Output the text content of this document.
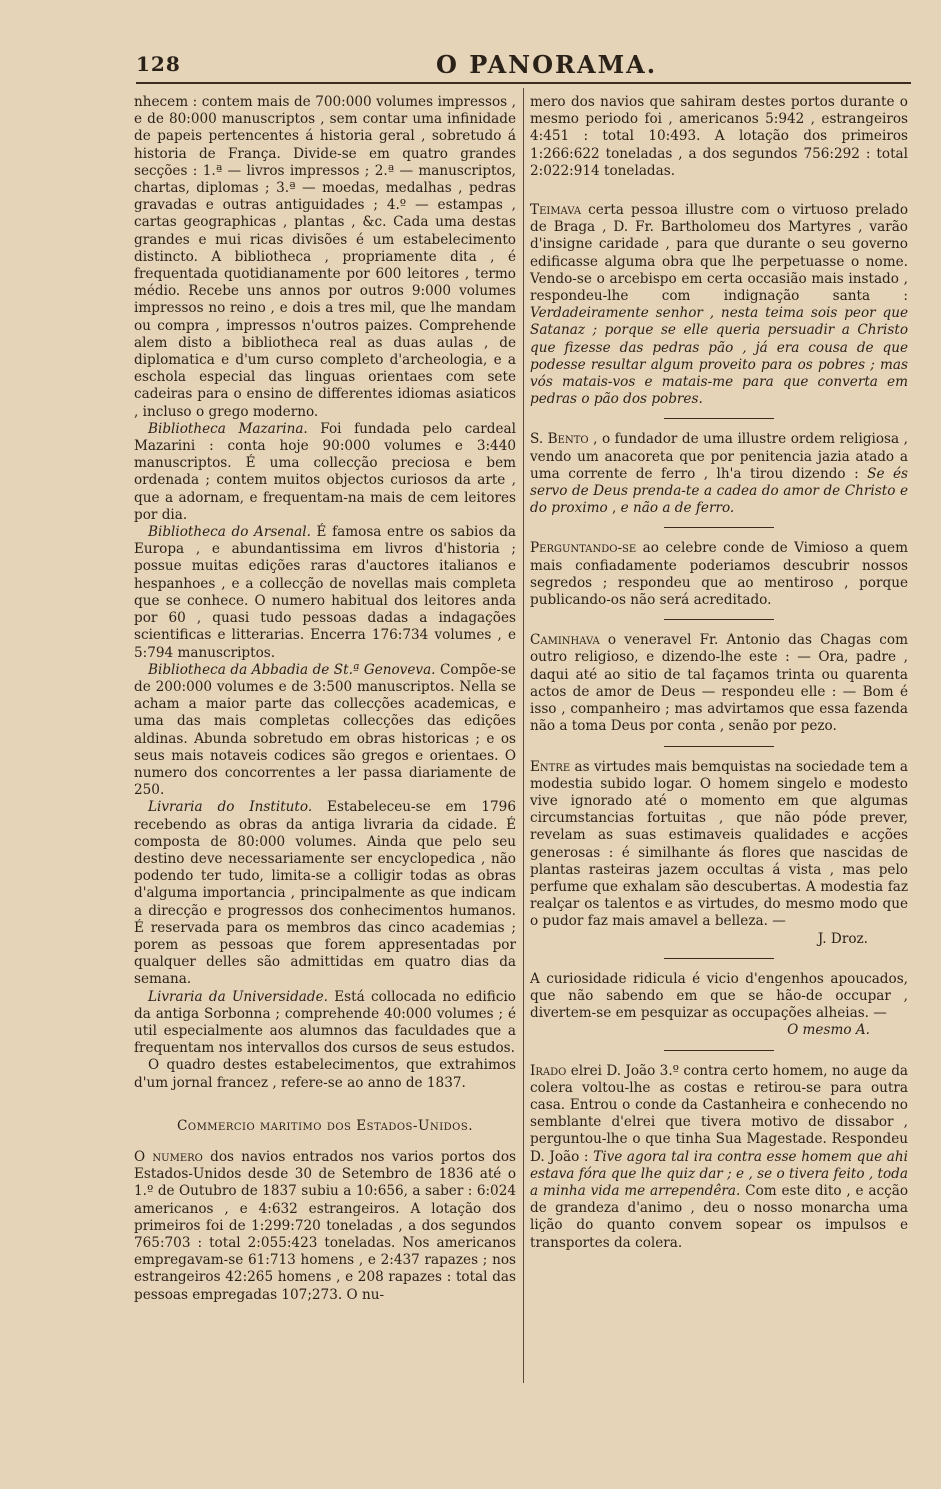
128	O PANORAMA.

nhecem : contem mais de 700:000 volumes impressos , e de 80:000 manuscriptos , sem contar uma infinidade de papeis pertencentes á historia geral , sobretudo á historia de França. Divide-se em quatro grandes secções : 1.ª — livros impressos ; 2.ª — manuscriptos, chartas, diplomas ; 3.ª — moedas, medalhas , pedras gravadas e outras antiguidades ; 4.º — estampas , cartas geographicas , plantas , &c. Cada uma destas grandes e mui ricas divisões é um estabelecimento distincto. A bibliotheca , propriamente dita , é frequentada quotidianamente por 600 leitores , termo médio. Recebe uns annos por outros 9:000 volumes impressos no reino , e dois a tres mil, que lhe mandam ou compra , impressos n'outros paizes. Comprehende alem disto a bibliotheca real as duas aulas , de diplomatica e d'um curso completo d'archeologia, e a eschola especial das linguas orientaes com sete cadeiras para o ensino de differentes idiomas asiaticos , incluso o grego moderno.

Bibliotheca Mazarina. Foi fundada pelo cardeal Mazarini : conta hoje 90:000 volumes e 3:440 manuscriptos. É uma collecção preciosa e bem ordenada ; contem muitos objectos curiosos da arte , que a adornam, e frequentam-na mais de cem leitores por dia.

Bibliotheca do Arsenal. É famosa entre os sabios da Europa , e abundantissima em livros d'historia ; possue muitas edições raras d'auctores italianos e hespanhoes , e a collecção de novellas mais completa que se conhece. O numero habitual dos leitores anda por 60 , quasi tudo pessoas dadas a indagações scientificas e litterarias. Encerra 176:734 volumes , e 5:794 manuscriptos.

Bibliotheca da Abbadia de St.ª Genoveva. Compõe-se de 200:000 volumes e de 3:500 manuscriptos. Nella se acham a maior parte das collecções academicas, e uma das mais completas collecções das edições aldinas. Abunda sobretudo em obras historicas ; e os seus mais notaveis codices são gregos e orientaes. O numero dos concorrentes a ler passa diariamente de 250.

Livraria do Instituto. Estabeleceu-se em 1796 recebendo as obras da antiga livraria da cidade. É composta de 80:000 volumes. Ainda que pelo seu destino deve necessariamente ser encyclopedica , não podendo ter tudo, limita-se a colligir todas as obras d'alguma importancia , principalmente as que indicam a direcção e progressos dos conhecimentos humanos. É reservada para os membros das cinco academias ; porem as pessoas que forem appresentadas por qualquer delles são admittidas em quatro dias da semana.

Livraria da Universidade. Está collocada no edificio da antiga Sorbonna ; comprehende 40:000 volumes ; é util especialmente aos alumnos das faculdades que a frequentam nos intervallos dos cursos de seus estudos.

O quadro destes estabelecimentos, que extrahimos d'um jornal francez , refere-se ao anno de 1837.

Commercio maritimo dos Estados-Unidos.

O numero dos navios entrados nos varios portos dos Estados-Unidos desde 30 de Setembro de 1836 até o 1.º de Outubro de 1837 subiu a 10:656, a saber : 6:024 americanos , e 4:632 estrangeiros. A lotação dos primeiros foi de 1:299:720 toneladas , a dos segundos 765:703 : total 2:055:423 toneladas. Nos americanos empregavam-se 61:713 homens , e 2:437 rapazes ; nos estrangeiros 42:265 homens , e 208 rapazes : total das pessoas empregadas 107;273. O nu-

mero dos navios que sahiram destes portos durante o mesmo periodo foi , americanos 5:942 , estrangeiros 4:451 : total 10:493. A lotação dos primeiros 1:266:622 toneladas , a dos segundos 756:292 : total 2:022:914 toneladas.

Teimava certa pessoa illustre com o virtuoso prelado de Braga , D. Fr. Bartholomeu dos Martyres , varão d'insigne caridade , para que durante o seu governo edificasse alguma obra que lhe perpetuasse o nome. Vendo-se o arcebispo em certa occasião mais instado , respondeu-lhe com indignação santa : Verdadeiramente senhor , nesta teima sois peor que Satanaz ; porque se elle queria persuadir a Christo que fizesse das pedras pão , já era cousa de que podesse resultar algum proveito para os pobres ; mas vós matais-vos e matais-me para que converta em pedras o pão dos pobres.

S. Bento , o fundador de uma illustre ordem religiosa , vendo um anacoreta que por penitencia jazia atado a uma corrente de ferro , lh'a tirou dizendo : Se és servo de Deus prenda-te a cadea do amor de Christo e do proximo , e não a de ferro.

Perguntando-se ao celebre conde de Vimioso a quem mais confiadamente poderiamos descubrir nossos segredos ; respondeu que ao mentiroso , porque publicando-os não será acreditado.

Caminhava o veneravel Fr. Antonio das Chagas com outro religioso, e dizendo-lhe este : — Ora, padre , daqui até ao sitio de tal façamos trinta ou quarenta actos de amor de Deus — respondeu elle : — Bom é isso , companheiro ; mas advirtamos que essa fazenda não a toma Deus por conta , senão por pezo.

Entre as virtudes mais bemquistas na sociedade tem a modestia subido logar. O homem singelo e modesto vive ignorado até o momento em que algumas circumstancias fortuitas , que não póde prever, revelam as suas estimaveis qualidades e acções generosas : é similhante ás flores que nascidas de plantas rasteiras jazem occultas á vista , mas pelo perfume que exhalam são descubertas. A modestia faz realçar os talentos e as virtudes, do mesmo modo que o pudor faz mais amavel a belleza. —

J. Droz.

A curiosidade ridicula é vicio d'engenhos apoucados, que não sabendo em que se hão-de occupar , divertem-se em pesquizar as occupações alheias. —

O mesmo A.

Irado elrei D. João 3.º contra certo homem, no auge da colera voltou-lhe as costas e retirou-se para outra casa. Entrou o conde da Castanheira e conhecendo no semblante d'elrei que tivera motivo de dissabor , perguntou-lhe o que tinha Sua Magestade. Respondeu D. João : Tive agora tal ira contra esse homem que ahi estava fóra que lhe quiz dar ; e , se o tivera feito , toda a minha vida me arrependêra. Com este dito , e acção de grandeza d'animo , deu o nosso monarcha uma lição do quanto convem sopear os impulsos e transportes da colera.
